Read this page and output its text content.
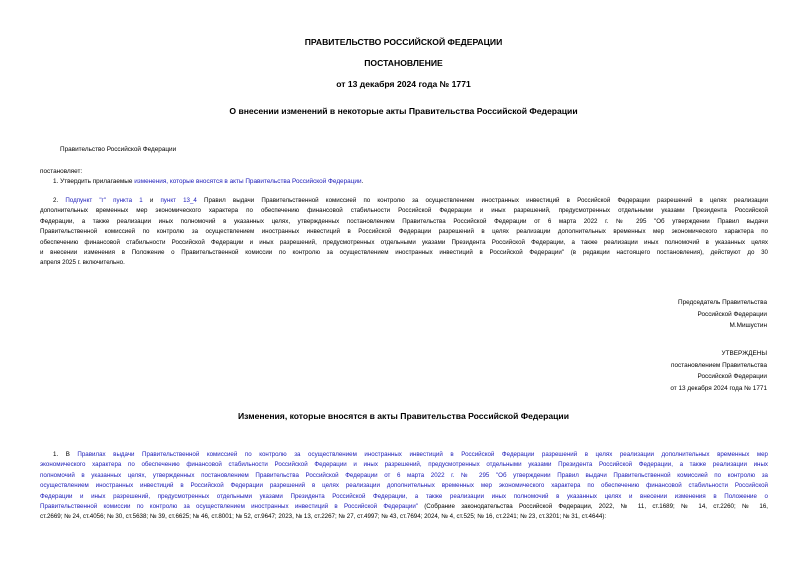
ПРАВИТЕЛЬСТВО РОССИЙСКОЙ ФЕДЕРАЦИИ
ПОСТАНОВЛЕНИЕ
от 13 декабря 2024 года № 1771
О внесении изменений в некоторые акты Правительства Российской Федерации
Правительство Российской Федерации
постановляет:
1. Утвердить прилагаемые изменения, которые вносятся в акты Правительства Российской Федерации.
2. Подпункт "г" пункта 1 и пункт 13_4 Правил выдачи Правительственной комиссией по контролю за осуществлением иностранных инвестиций в Российской Федерации разрешений в целях реализации
дополнительных временных мер экономического характера по обеспечению финансовой стабильности Российской Федерации и иных разрешений, предусмотренных отдельными указами Президента Российской
Федерации, а также реализации иных полномочий в указанных целях, утвержденных постановлением Правительства Российской Федерации от 6 марта 2022 г. № 295 "Об утверждении Правил выдачи
Правительственной комиссией по контролю за осуществлением иностранных инвестиций в Российской Федерации разрешений в целях реализации дополнительных временных мер экономического характера по
обеспечению финансовой стабильности Российской Федерации и иных разрешений, предусмотренных отдельными указами Президента Российской Федерации, а также реализации иных полномочий в указанных целях
и внесении изменения в Положение о Правительственной комиссии по контролю за осуществлением иностранных инвестиций в Российской Федерации" (в редакции настоящего постановления), действуют до 30
апреля 2025 г. включительно.
Председатель Правительства
Российской Федерации
М.Мишустин
УТВЕРЖДЕНЫ
постановлением Правительства
Российской Федерации
от 13 декабря 2024 года № 1771
Изменения, которые вносятся в акты Правительства Российской Федерации
1. В Правилах выдачи Правительственной комиссией по контролю за осуществлением иностранных инвестиций в Российской Федерации разрешений в целях реализации дополнительных временных мер
экономического характера по обеспечению финансовой стабильности Российской Федерации и иных разрешений, предусмотренных отдельными указами Президента Российской Федерации, а также реализации иных
полномочий в указанных целях, утвержденных постановлением Правительства Российской Федерации от 6 марта 2022 г. № 295 "Об утверждении Правил выдачи Правительственной комиссией по контролю за
осуществлением иностранных инвестиций в Российской Федерации разрешений в целях реализации дополнительных временных мер экономического характера по обеспечению финансовой стабильности Российской
Федерации и иных разрешений, предусмотренных отдельными указами Президента Российской Федерации, а также реализации иных полномочий в указанных целях и внесении изменения в Положение о
Правительственной комиссии по контролю за осуществлением иностранных инвестиций в Российской Федерации" (Собрание законодательства Российской Федерации, 2022, № 11, ст.1689; № 14, ст.2260; № 16,
ст.2669; № 24, ст.4056; № 30, ст.5638; № 39, ст.6625; № 46, ст.8001; № 52, ст.9647; 2023, № 13, ст.2267; № 27, ст.4997; № 43, ст.7694; 2024, № 4, ст.525; № 16, ст.2241; № 23, ст.3201; № 31, ст.4644):
